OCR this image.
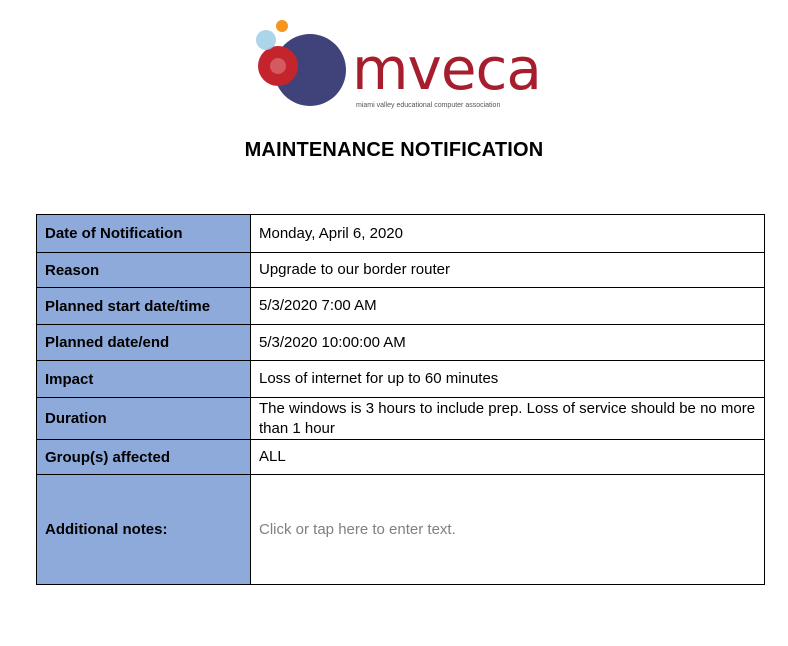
mveca
miami valley educational computer association
MAINTENANCE NOTIFICATION
Date of Notification	Monday, April 6, 2020
Reason	Upgrade to our border router
Planned start date/time	5/3/2020 7:00 AM
Planned date/end	5/3/2020 10:00:00 AM
Impact	Loss of internet for up to 60 minutes
Duration	The windows is 3 hours to include prep. Loss of service should be no more than 1 hour
Group(s) affected	ALL
Additional notes:	Click or tap here to enter text.
